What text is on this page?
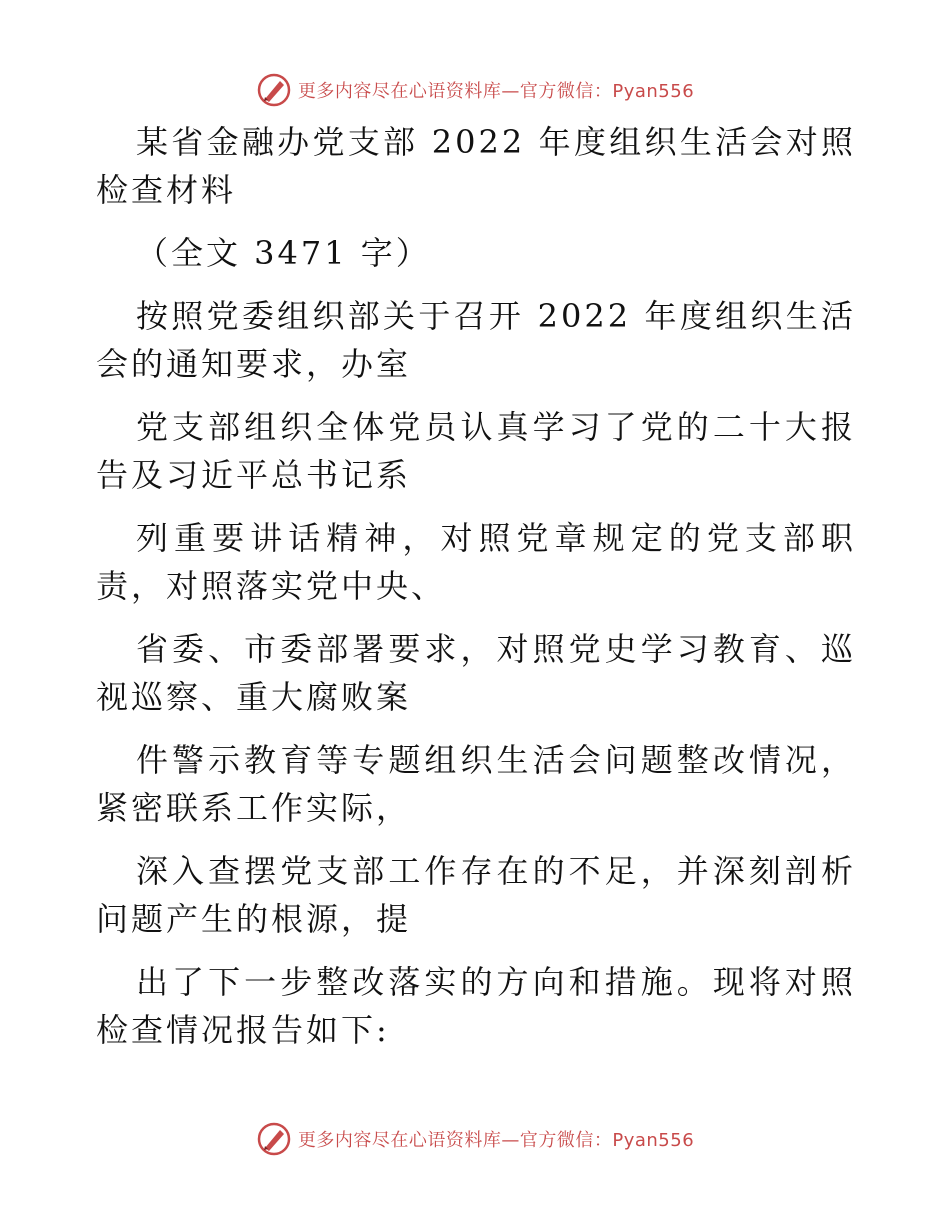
更多内容尽在心语资料库—官方微信：Pyan556

某省金融办党支部 2022 年度组织生活会对照检查材料

（全文 3471 字）

按照党委组织部关于召开 2022 年度组织生活会的通知要求，办室

党支部组织全体党员认真学习了党的二十大报告及习近平总书记系

列重要讲话精神，对照党章规定的党支部职责，对照落实党中央、

省委、市委部署要求，对照党史学习教育、巡视巡察、重大腐败案

件警示教育等专题组织生活会问题整改情况，紧密联系工作实际，

深入查摆党支部工作存在的不足，并深刻剖析问题产生的根源，提

出了下一步整改落实的方向和措施。现将对照检查情况报告如下:

更多内容尽在心语资料库—官方微信：Pyan556
